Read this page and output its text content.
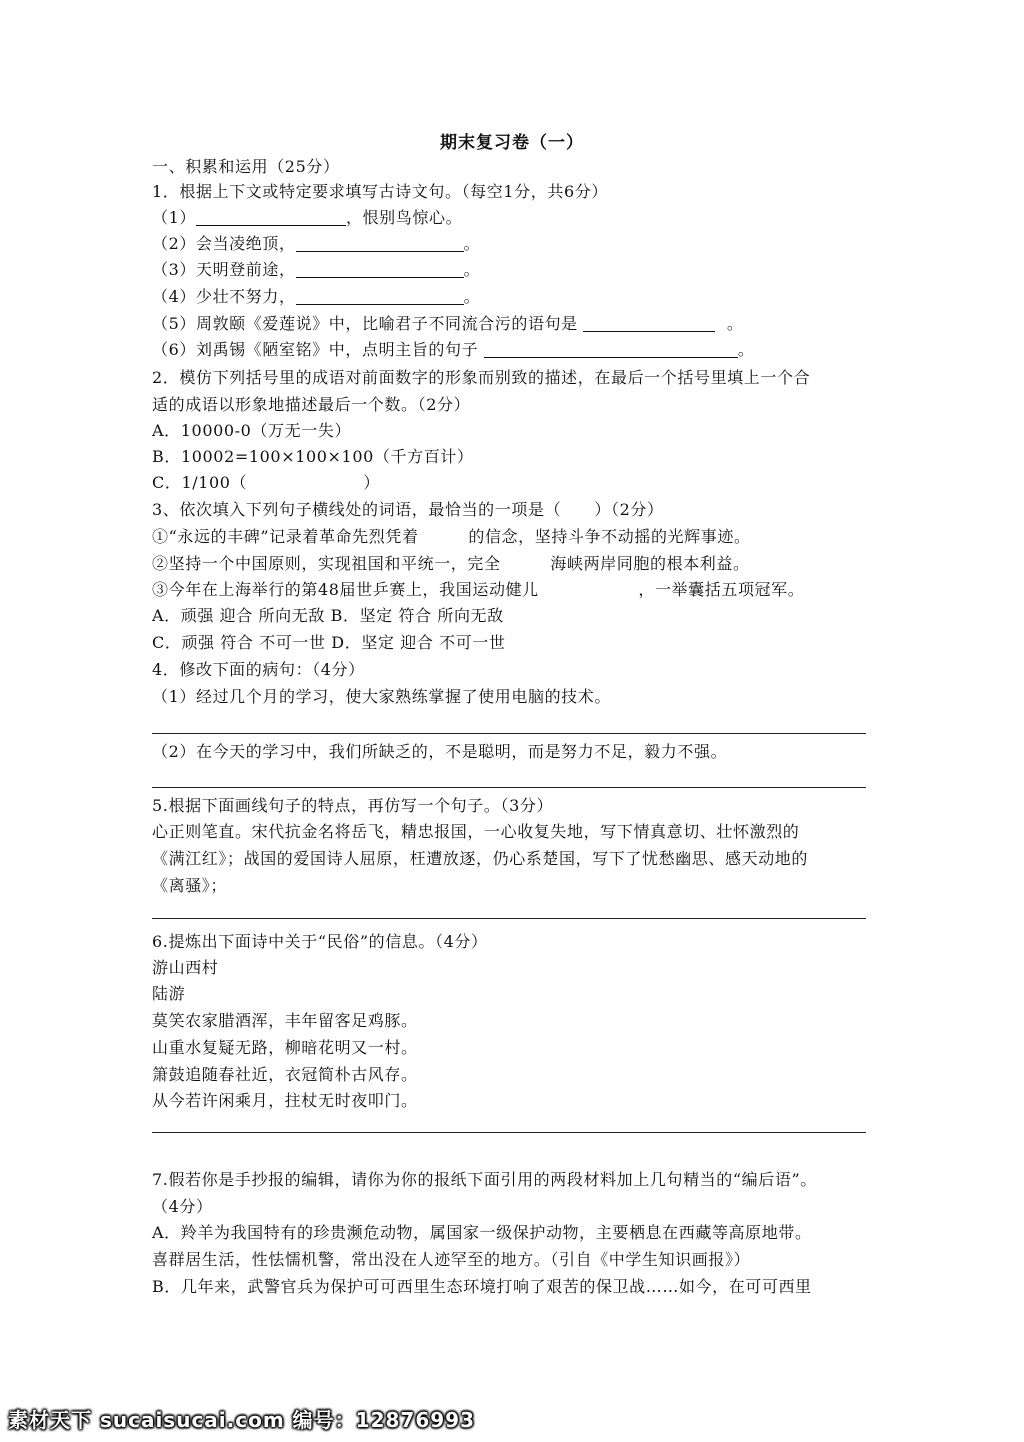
期末复习卷（一）
一、积累和运用（25分）
1．根据上下文或特定要求填写古诗文句。（每空1分，共6分）
（1）	，恨别鸟惊心。
（2）会当凌绝顶，	。
（3）天明登前途，	。
（4）少壮不努力，	。
（5）周敦颐《爱莲说》中，比喻君子不同流合污的语句是	。
（6）刘禹锡《陋室铭》中，点明主旨的句子	。
2．模仿下列括号里的成语对前面数字的形象而别致的描述，在最后一个括号里填上一个合
适的成语以形象地描述最后一个数。（2分）
A．10000-0（万无一失）
B．10002=100×100×100（千方百计）
C．1/100（　　　　　　　）
3、依次填入下列句子横线处的词语，最恰当的一项是（　　）（2分）
①“永远的丰碑”记录着革命先烈凭着　　　的信念，坚持斗争不动摇的光辉事迹。
②坚持一个中国原则，实现祖国和平统一，完全　　　海峡两岸同胞的根本利益。
③今年在上海举行的第48届世乒赛上，我国运动健儿　　　　　　，一举囊括五项冠军。
A．顽强 迎合 所向无敌 B．坚定 符合 所向无敌
C．顽强 符合 不可一世 D．坚定 迎合 不可一世
4．修改下面的病句：（4分）
（1）经过几个月的学习，使大家熟练掌握了使用电脑的技术。
（2）在今天的学习中，我们所缺乏的，不是聪明，而是努力不足，毅力不强。
5.根据下面画线句子的特点，再仿写一个句子。（3分）
心正则笔直。宋代抗金名将岳飞，精忠报国，一心收复失地，写下情真意切、壮怀激烈的
《满江红》；战国的爱国诗人屈原，枉遭放逐，仍心系楚国，写下了忧愁幽思、感天动地的
《离骚》；
6.提炼出下面诗中关于“民俗”的信息。（4分）
游山西村
陆游
莫笑农家腊酒浑，丰年留客足鸡豚。
山重水复疑无路，柳暗花明又一村。
箫鼓追随春社近，衣冠简朴古风存。
从今若许闲乘月，拄杖无时夜叩门。
7.假若你是手抄报的编辑，请你为你的报纸下面引用的两段材料加上几句精当的“编后语”。
（4分）
A．羚羊为我国特有的珍贵濒危动物，属国家一级保护动物，主要栖息在西藏等高原地带。
喜群居生活，性怯懦机警，常出没在人迹罕至的地方。（引自《中学生知识画报》）
B．几年来，武警官兵为保护可可西里生态环境打响了艰苦的保卫战……如今，在可可西里
素材天下 sucaisucai.com 编号：12876993
